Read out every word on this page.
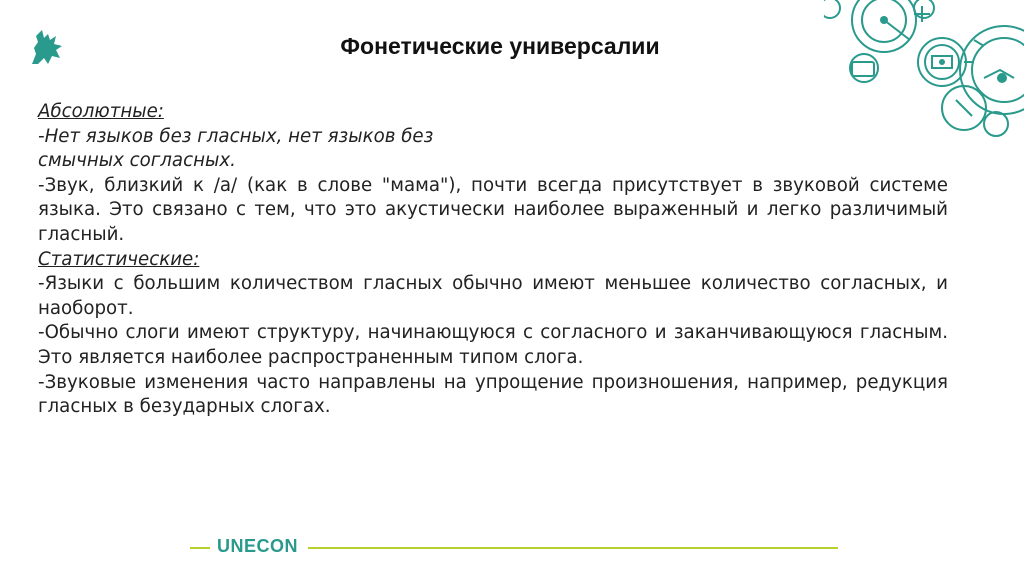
Фонетические универсалии

Абсолютные:

-Нет языков без гласных, нет языков без

смычных согласных.

-Звук, близкий к /а/ (как в слове "мама"), почти всегда присутствует в звуковой системе языка. Это связано с тем, что это акустически наиболее выраженный и легко различимый гласный.

Статистические:

-Языки с большим количеством гласных обычно имеют меньшее количество согласных, и наоборот.

-Обычно слоги имеют структуру, начинающуюся с согласного и заканчивающуюся гласным. Это является наиболее распространенным типом слога.

-Звуковые изменения часто направлены на упрощение произношения, например, редукция гласных в безударных слогах.

UNECON
